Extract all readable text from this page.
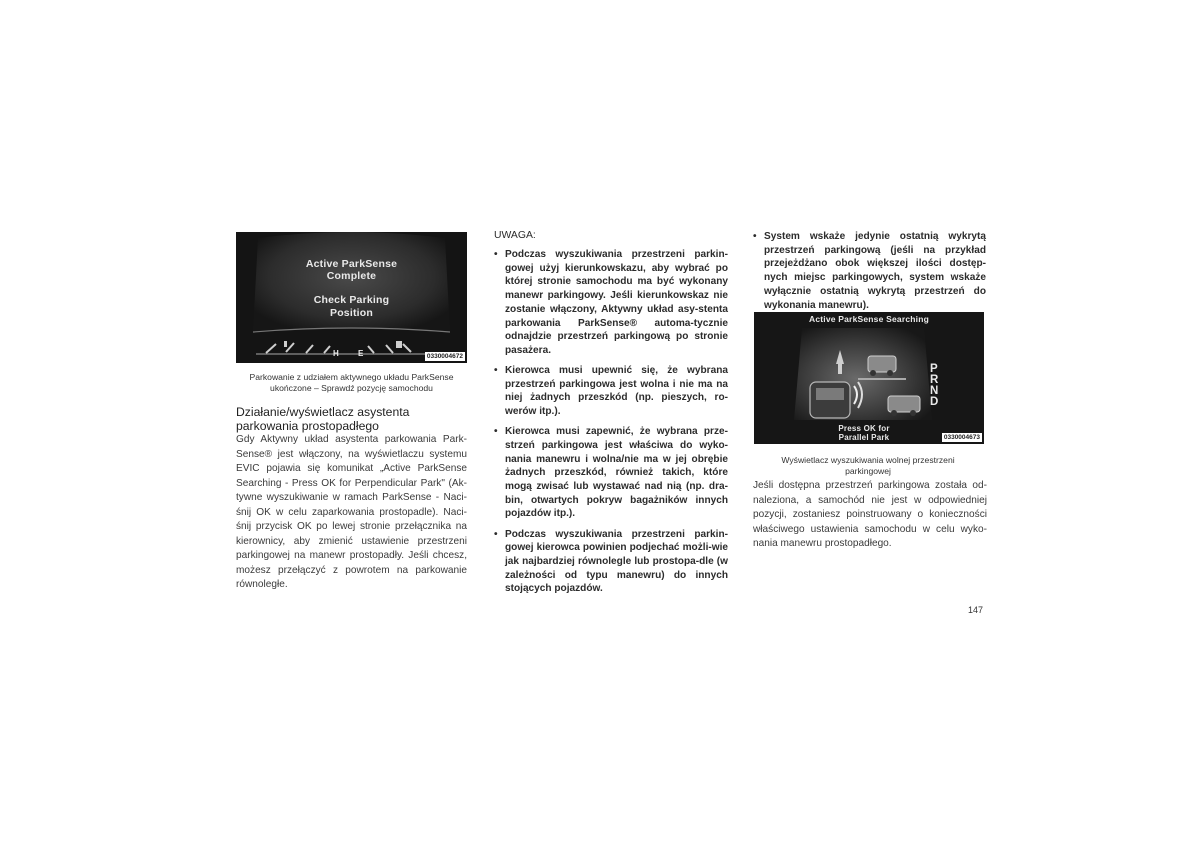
Active ParkSense
Complete
Check Parking
Position
H E	0330004672
Parkowanie z udziałem aktywnego układu ParkSense ukończone – Sprawdź pozycję samochodu
Działanie/wyświetlacz asystenta parkowania prostopadłego
Gdy Aktywny układ asystenta parkowania Park-Sense® jest włączony, na wyświetlaczu systemu EVIC pojawia się komunikat „Active ParkSense Searching - Press OK for Perpendicular Park" (Ak-tywne wyszukiwanie w ramach ParkSense - Naci-śnij OK w celu zaparkowania prostopadle). Naci-śnij przycisk OK po lewej stronie przełącznika na kierownicy, aby zmienić ustawienie przestrzeni parkingowej na manewr prostopadły. Jeśli chcesz, możesz przełączyć z powrotem na parkowanie równoległe.
UWAGA:
• Podczas wyszukiwania przestrzeni parkin-gowej użyj kierunkowskazu, aby wybrać po której stronie samochodu ma być wykonany manewr parkingowy. Jeśli kierunkowskaz nie zostanie włączony, Aktywny układ asy-stenta parkowania ParkSense® automa-tycznie odnajdzie przestrzeń parkingową po stronie pasażera.
• Kierowca musi upewnić się, że wybrana przestrzeń parkingowa jest wolna i nie ma na niej żadnych przeszkód (np. pieszych, ro-werów itp.).
• Kierowca musi zapewnić, że wybrana prze-strzeń parkingowa jest właściwa do wyko-nania manewru i wolna/nie ma w jej obrębie żadnych przeszkód, również takich, które mogą zwisać lub wystawać nad nią (np. dra-bin, otwartych pokryw bagażników innych pojazdów itp.).
• Podczas wyszukiwania przestrzeni parkin-gowej kierowca powinien podjechać możli-wie jak najbardziej równolegle lub prostopa-dle (w zależności od typu manewru) do innych stojących pojazdów.
• System wskaże jedynie ostatnią wykrytą przestrzeń parkingową (jeśli na przykład przejeżdżano obok większej ilości dostęp-nych miejsc parkingowych, system wskaże wyłącznie ostatnią wykrytą przestrzeń do wykonania manewru).
Active ParkSense Searching
P
R
N
D
Press OK for
Parallel Park	0330004673
Wyświetlacz wyszukiwania wolnej przestrzeni parkingowej
Jeśli dostępna przestrzeń parkingowa została od-naleziona, a samochód nie jest w odpowiedniej pozycji, zostaniesz poinstruowany o konieczności właściwego ustawienia samochodu w celu wyko-nania manewru prostopadłego.
147
